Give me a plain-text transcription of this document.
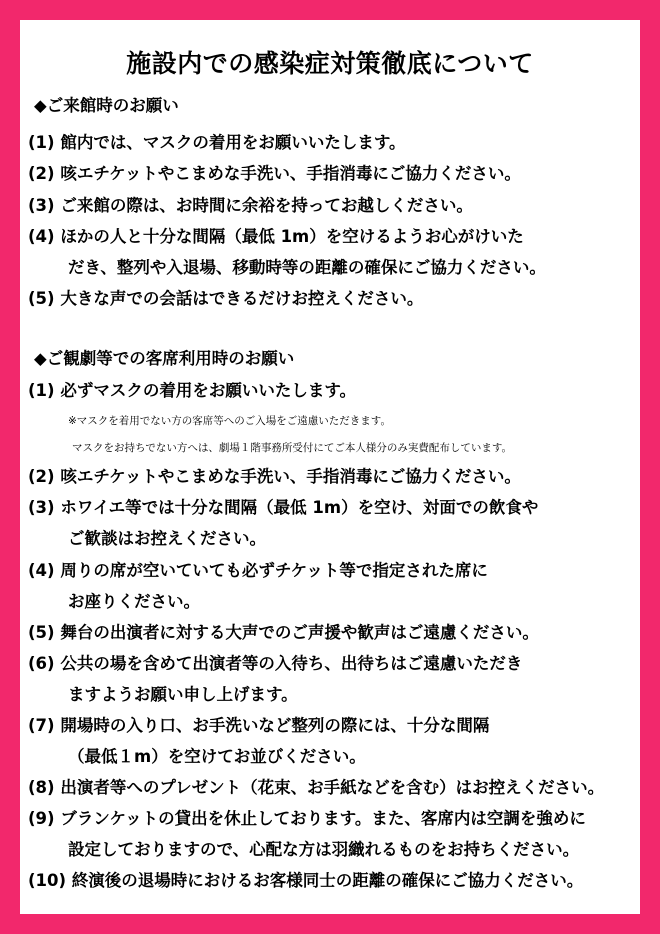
施設内での感染症対策徹底について
◆ご来館時のお願い
(1) 館内では、マスクの着用をお願いいたします。
(2) 咳エチケットやこまめな手洗い、手指消毒にご協力ください。
(3) ご来館の際は、お時間に余裕を持ってお越しください。
(4) ほかの人と十分な間隔（最低 1m）を空けるようお心がけいた
だき、整列や入退場、移動時等の距離の確保にご協力ください。
(5) 大きな声での会話はできるだけお控えください。
◆ご観劇等での客席利用時のお願い
(1) 必ずマスクの着用をお願いいたします。
※マスクを着用でない方の客席等へのご入場をご遠慮いただきます。
マスクをお持ちでない方へは、劇場１階事務所受付にてご本人様分のみ実費配布しています。
(2) 咳エチケットやこまめな手洗い、手指消毒にご協力ください。
(3) ホワイエ等では十分な間隔（最低 1m）を空け、対面での飲食や
ご歓談はお控えください。
(4) 周りの席が空いていても必ずチケット等で指定された席に
お座りください。
(5) 舞台の出演者に対する大声でのご声援や歓声はご遠慮ください。
(6) 公共の場を含めて出演者等の入待ち、出待ちはご遠慮いただき
ますようお願い申し上げます。
(7) 開場時の入り口、お手洗いなど整列の際には、十分な間隔
（最低１m）を空けてお並びください。
(8) 出演者等へのプレゼント（花束、お手紙などを含む）はお控えください。
(9) ブランケットの貸出を休止しております。また、客席内は空調を強めに
設定しておりますので、心配な方は羽織れるものをお持ちください。
(10) 終演後の退場時におけるお客様同士の距離の確保にご協力ください。
